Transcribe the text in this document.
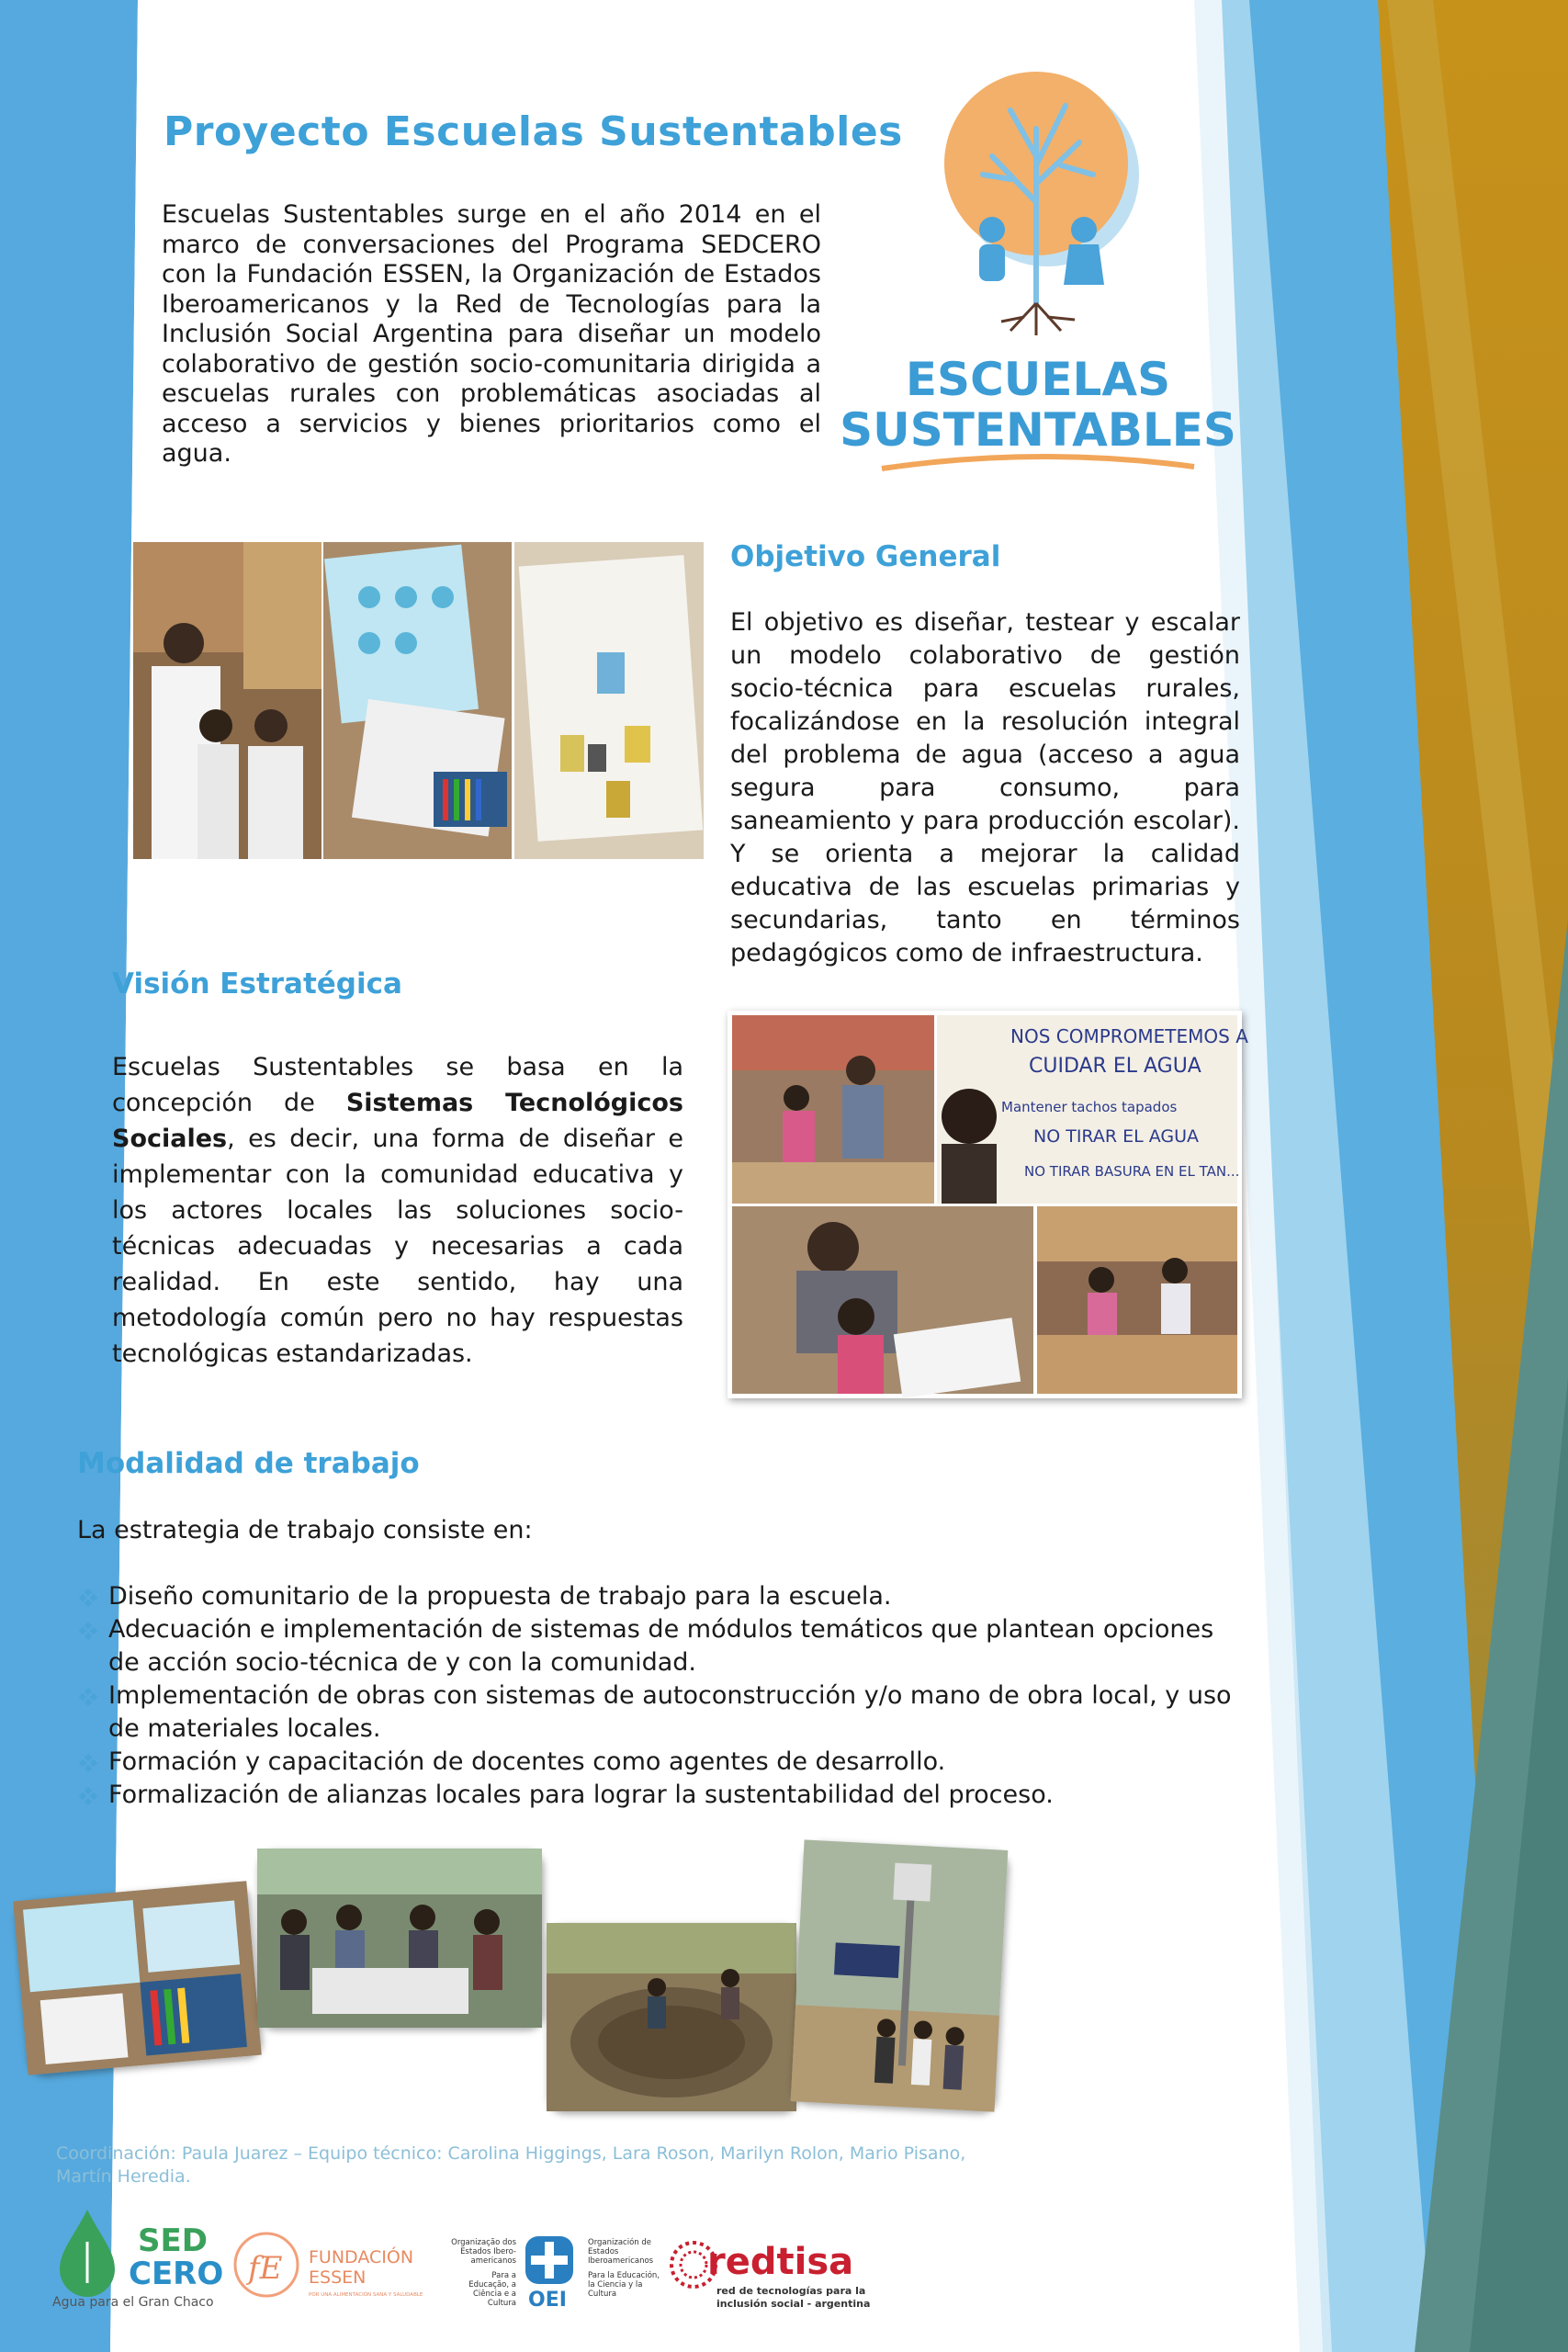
Proyecto Escuelas Sustentables

Escuelas Sustentables surge en el año 2014 en el marco de conversaciones del Programa SEDCERO con la Fundación ESSEN, la Organización de Estados Iberoamericanos y la Red de Tecnologías para la Inclusión Social Argentina para diseñar un modelo colaborativo de gestión socio-comunitaria dirigida a escuelas rurales con problemáticas asociadas al acceso a servicios y bienes prioritarios como el agua.

ESCUELAS
SUSTENTABLES
Objetivo General

El objetivo es diseñar, testear y escalar un modelo colaborativo de gestión socio-técnica para escuelas rurales, focalizándose en la resolución integral del problema de agua (acceso a agua segura para consumo, para saneamiento y para producción escolar). Y se orienta a mejorar la calidad educativa de las escuelas primarias y secundarias, tanto en términos pedagógicos como de infraestructura.

Visión Estratégica

Escuelas Sustentables se basa en la concepción de Sistemas Tecnológicos Sociales, es decir, una forma de diseñar e implementar con la comunidad educativa y los actores locales las soluciones socio-técnicas adecuadas y necesarias a cada realidad. En este sentido, hay una metodología común pero no hay respuestas tecnológicas estandarizadas.

NOS COMPROMETEMOS A
CUIDAR EL AGUA
Mantener tachos tapados
NO TIRAR EL AGUA
NO TIRAR BASURA EN EL TAN...
Modalidad de trabajo
La estrategia de trabajo consiste en:
Diseño comunitario de la propuesta de trabajo para la escuela.
Adecuación e implementación de sistemas de módulos temáticos que plantean opciones de acción socio-técnica de y con la comunidad.
Implementación de obras con sistemas de autoconstrucción y/o mano de obra local, y uso de materiales locales.
Formación y capacitación de docentes como agentes de desarrollo.
Formalización de alianzas locales para lograr la sustentabilidad del proceso.
Coordinación: Paula Juarez – Equipo técnico: Carolina Higgings, Lara Roson, Marilyn Rolon, Mario Pisano, Martín Heredia.
SED
CERO
Agua para el Gran Chaco
fE FUNDACIÓN
ESSEN
POR UNA ALIMENTACIÓN SANA Y SALUDABLE
Organização dos Estados Ibero-americanos
Para a Educação, a Ciência e a Cultura OEI
Organización de Estados Iberoamericanos
Para la Educación, la Ciencia y la Cultura
redtisa
red de tecnologías para la
inclusión social - argentina
